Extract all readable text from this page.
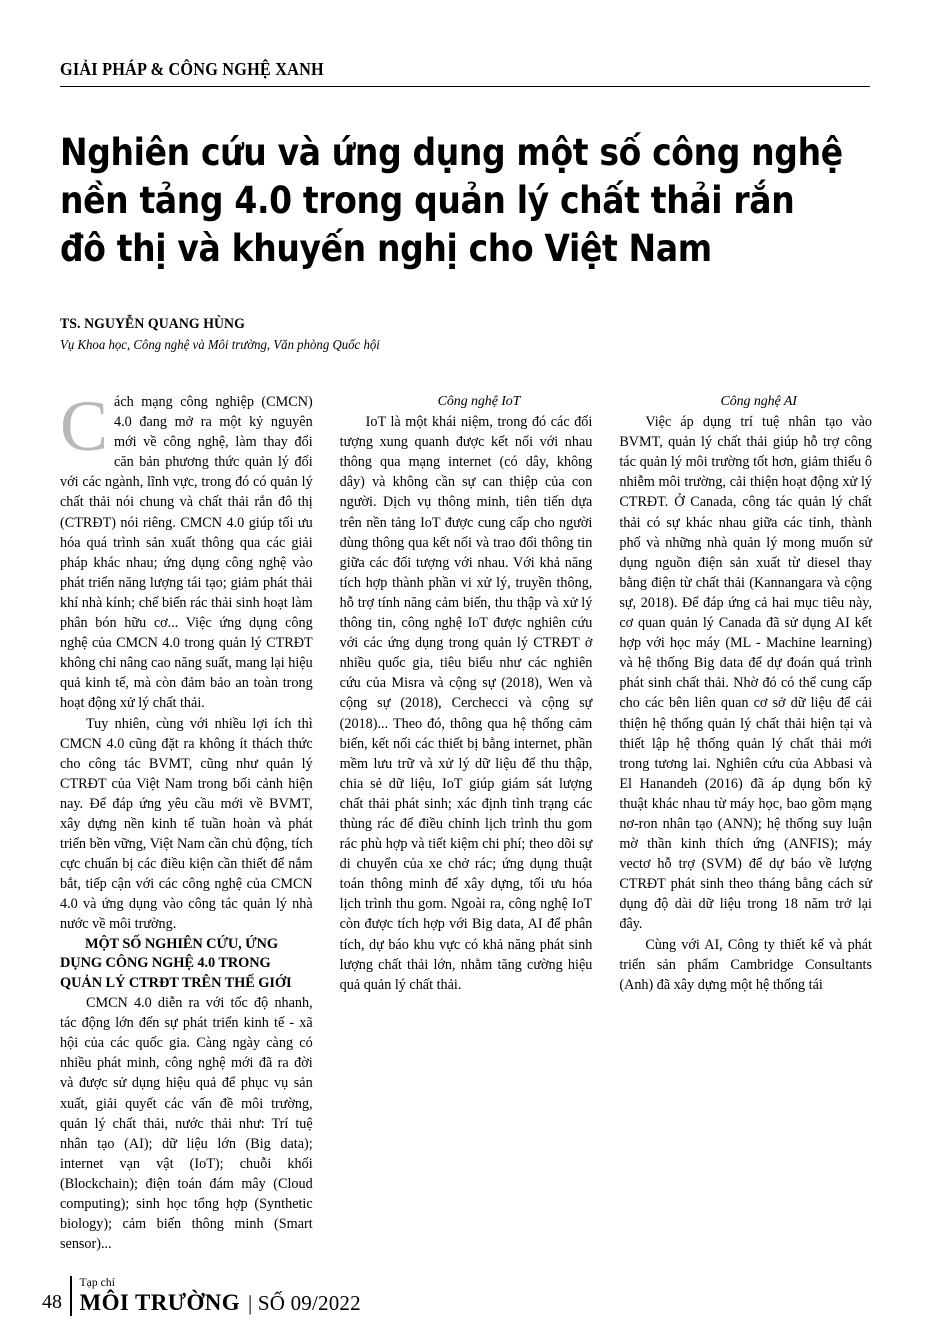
GIẢI PHÁP & CÔNG NGHỆ XANH
Nghiên cứu và ứng dụng một số công nghệ
nền tảng 4.0 trong quản lý chất thải rắn
đô thị và khuyến nghị cho Việt Nam
TS. NGUYỄN QUANG HÙNG
Vụ Khoa học, Công nghệ và Môi trường, Văn phòng Quốc hội

Cách mạng công nghiệp (CMCN) 4.0 đang mở ra một kỷ nguyên mới về công nghệ, làm thay đổi căn bản phương thức quản lý đối với các ngành, lĩnh vực, trong đó có quản lý chất thải nói chung và chất thải rắn đô thị (CTRĐT) nói riêng. CMCN 4.0 giúp tối ưu hóa quá trình sản xuất thông qua các giải pháp khác nhau; ứng dụng công nghệ vào phát triển năng lượng tái tạo; giảm phát thải khí nhà kính; chế biến rác thải sinh hoạt làm phân bón hữu cơ... Việc ứng dụng công nghệ của CMCN 4.0 trong quản lý CTRĐT không chỉ nâng cao năng suất, mang lại hiệu quả kinh tế, mà còn đảm bảo an toàn trong hoạt động xử lý chất thải.

Tuy nhiên, cùng với nhiều lợi ích thì CMCN 4.0 cũng đặt ra không ít thách thức cho công tác BVMT, cũng như quản lý CTRĐT của Việt Nam trong bối cảnh hiện nay. Để đáp ứng yêu cầu mới về BVMT, xây dựng nền kinh tế tuần hoàn và phát triển bền vững, Việt Nam cần chủ động, tích cực chuẩn bị các điều kiện cần thiết để nắm bắt, tiếp cận với các công nghệ của CMCN 4.0 và ứng dụng vào công tác quản lý nhà nước về môi trường.

MỘT SỐ NGHIÊN CỨU, ỨNG DỤNG CÔNG NGHỆ 4.0 TRONG QUẢN LÝ CTRĐT TRÊN THẾ GIỚI

CMCN 4.0 diễn ra với tốc độ nhanh, tác động lớn đến sự phát triển kinh tế - xã hội của các quốc gia. Càng ngày càng có nhiều phát minh, công nghệ mới đã ra đời và được sử dụng hiệu quả để phục vụ sản xuất, giải quyết các vấn đề môi trường, quản lý chất thải, nước thải như: Trí tuệ nhân tạo (AI); dữ liệu lớn (Big data); internet vạn vật (IoT); chuỗi khối (Blockchain); điện toán đám mây (Cloud computing); sinh học tổng hợp (Synthetic biology); cảm biến thông minh (Smart sensor)...

Công nghệ IoT

IoT là một khái niệm, trong đó các đối tượng xung quanh được kết nối với nhau thông qua mạng internet (có dây, không dây) và không cần sự can thiệp của con người. Dịch vụ thông minh, tiên tiến dựa trên nền tảng IoT được cung cấp cho người dùng thông qua kết nối và trao đổi thông tin giữa các đối tượng với nhau. Với khả năng tích hợp thành phần vi xử lý, truyền thông, hỗ trợ tính năng cảm biến, thu thập và xử lý thông tin, công nghệ IoT được nghiên cứu với các ứng dụng trong quản lý CTRĐT ở nhiều quốc gia, tiêu biểu như các nghiên cứu của Misra và cộng sự (2018), Wen và cộng sự (2018), Cerchecci và cộng sự (2018)... Theo đó, thông qua hệ thống cảm biến, kết nối các thiết bị bằng internet, phần mềm lưu trữ và xử lý dữ liệu để thu thập, chia sẻ dữ liệu, IoT giúp giám sát lượng chất thải phát sinh; xác định tình trạng các thùng rác để điều chỉnh lịch trình thu gom rác phù hợp và tiết kiệm chi phí; theo dõi sự di chuyển của xe chở rác; ứng dụng thuật toán thông minh để xây dựng, tối ưu hóa lịch trình thu gom. Ngoài ra, công nghệ IoT còn được tích hợp với Big data, AI để phân tích, dự báo khu vực có khả năng phát sinh lượng chất thải lớn, nhằm tăng cường hiệu quả quản lý chất thải.

Công nghệ AI

Việc áp dụng trí tuệ nhân tạo vào BVMT, quản lý chất thải giúp hỗ trợ công tác quản lý môi trường tốt hơn, giảm thiểu ô nhiễm môi trường, cải thiện hoạt động xử lý CTRĐT. Ở Canada, công tác quản lý chất thải có sự khác nhau giữa các tỉnh, thành phố và những nhà quản lý mong muốn sử dụng nguồn điện sản xuất từ diesel thay bằng điện từ chất thải (Kannangara và cộng sự, 2018). Để đáp ứng cả hai mục tiêu này, cơ quan quản lý Canada đã sử dụng AI kết hợp với học máy (ML - Machine learning) và hệ thống Big data để dự đoán quá trình phát sinh chất thải. Nhờ đó có thể cung cấp cho các bên liên quan cơ sở dữ liệu để cải thiện hệ thống quản lý chất thải hiện tại và thiết lập hệ thống quản lý chất thải mới trong tương lai. Nghiên cứu của Abbasi và El Hanandeh (2016) đã áp dụng bốn kỹ thuật khác nhau từ máy học, bao gồm mạng nơ-ron nhân tạo (ANN); hệ thống suy luận mờ thần kinh thích ứng (ANFIS); máy vectơ hỗ trợ (SVM) để dự báo về lượng CTRĐT phát sinh theo tháng bằng cách sử dụng độ dài dữ liệu trong 18 năm trở lại đây.

Cùng với AI, Công ty thiết kế và phát triển sản phẩm Cambridge Consultants (Anh) đã xây dựng một hệ thống tái

48
Tạp chí
MÔI TRƯỜNG | SỐ 09/2022
